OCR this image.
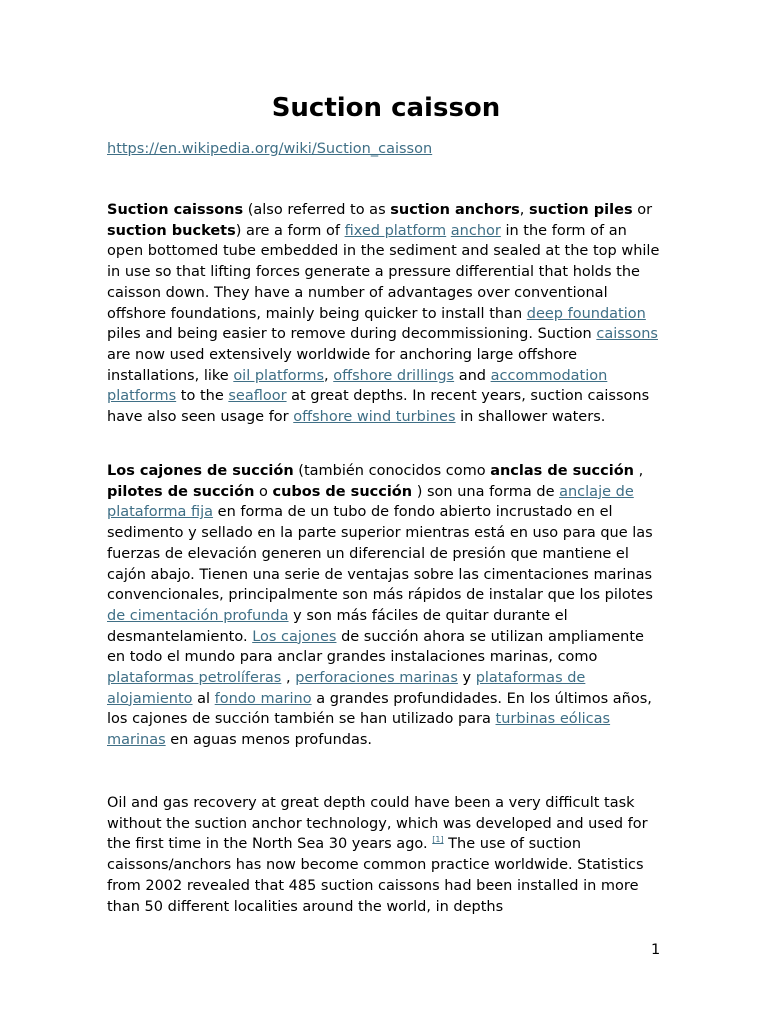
Suction caisson
https://en.wikipedia.org/wiki/Suction_caisson

Suction caissons (also referred to as suction anchors, suction piles or suction buckets) are a form of fixed platform anchor in the form of an open bottomed tube embedded in the sediment and sealed at the top while in use so that lifting forces generate a pressure differential that holds the caisson down. They have a number of advantages over conventional offshore foundations, mainly being quicker to install than deep foundation piles and being easier to remove during decommissioning. Suction caissons are now used extensively worldwide for anchoring large offshore installations, like oil platforms, offshore drillings and accommodation platforms to the seafloor at great depths. In recent years, suction caissons have also seen usage for offshore wind turbines in shallower waters.

Los cajones de succión (también conocidos como anclas de succión , pilotes de succión o cubos de succión ) son una forma de anclaje de plataforma fija en forma de un tubo de fondo abierto incrustado en el sedimento y sellado en la parte superior mientras está en uso para que las fuerzas de elevación generen un diferencial de presión que mantiene el cajón abajo. Tienen una serie de ventajas sobre las cimentaciones marinas convencionales, principalmente son más rápidos de instalar que los pilotes de cimentación profunda y son más fáciles de quitar durante el desmantelamiento. Los cajones de succión ahora se utilizan ampliamente en todo el mundo para anclar grandes instalaciones marinas, como plataformas petrolíferas , perforaciones marinas y plataformas de alojamiento al fondo marino a grandes profundidades. En los últimos años, los cajones de succión también se han utilizado para turbinas eólicas marinas en aguas menos profundas.

Oil and gas recovery at great depth could have been a very difficult task without the suction anchor technology, which was developed and used for the first time in the North Sea 30 years ago. [1] The use of suction caissons/anchors has now become common practice worldwide. Statistics from 2002 revealed that 485 suction caissons had been installed in more than 50 different localities around the world, in depths

1
